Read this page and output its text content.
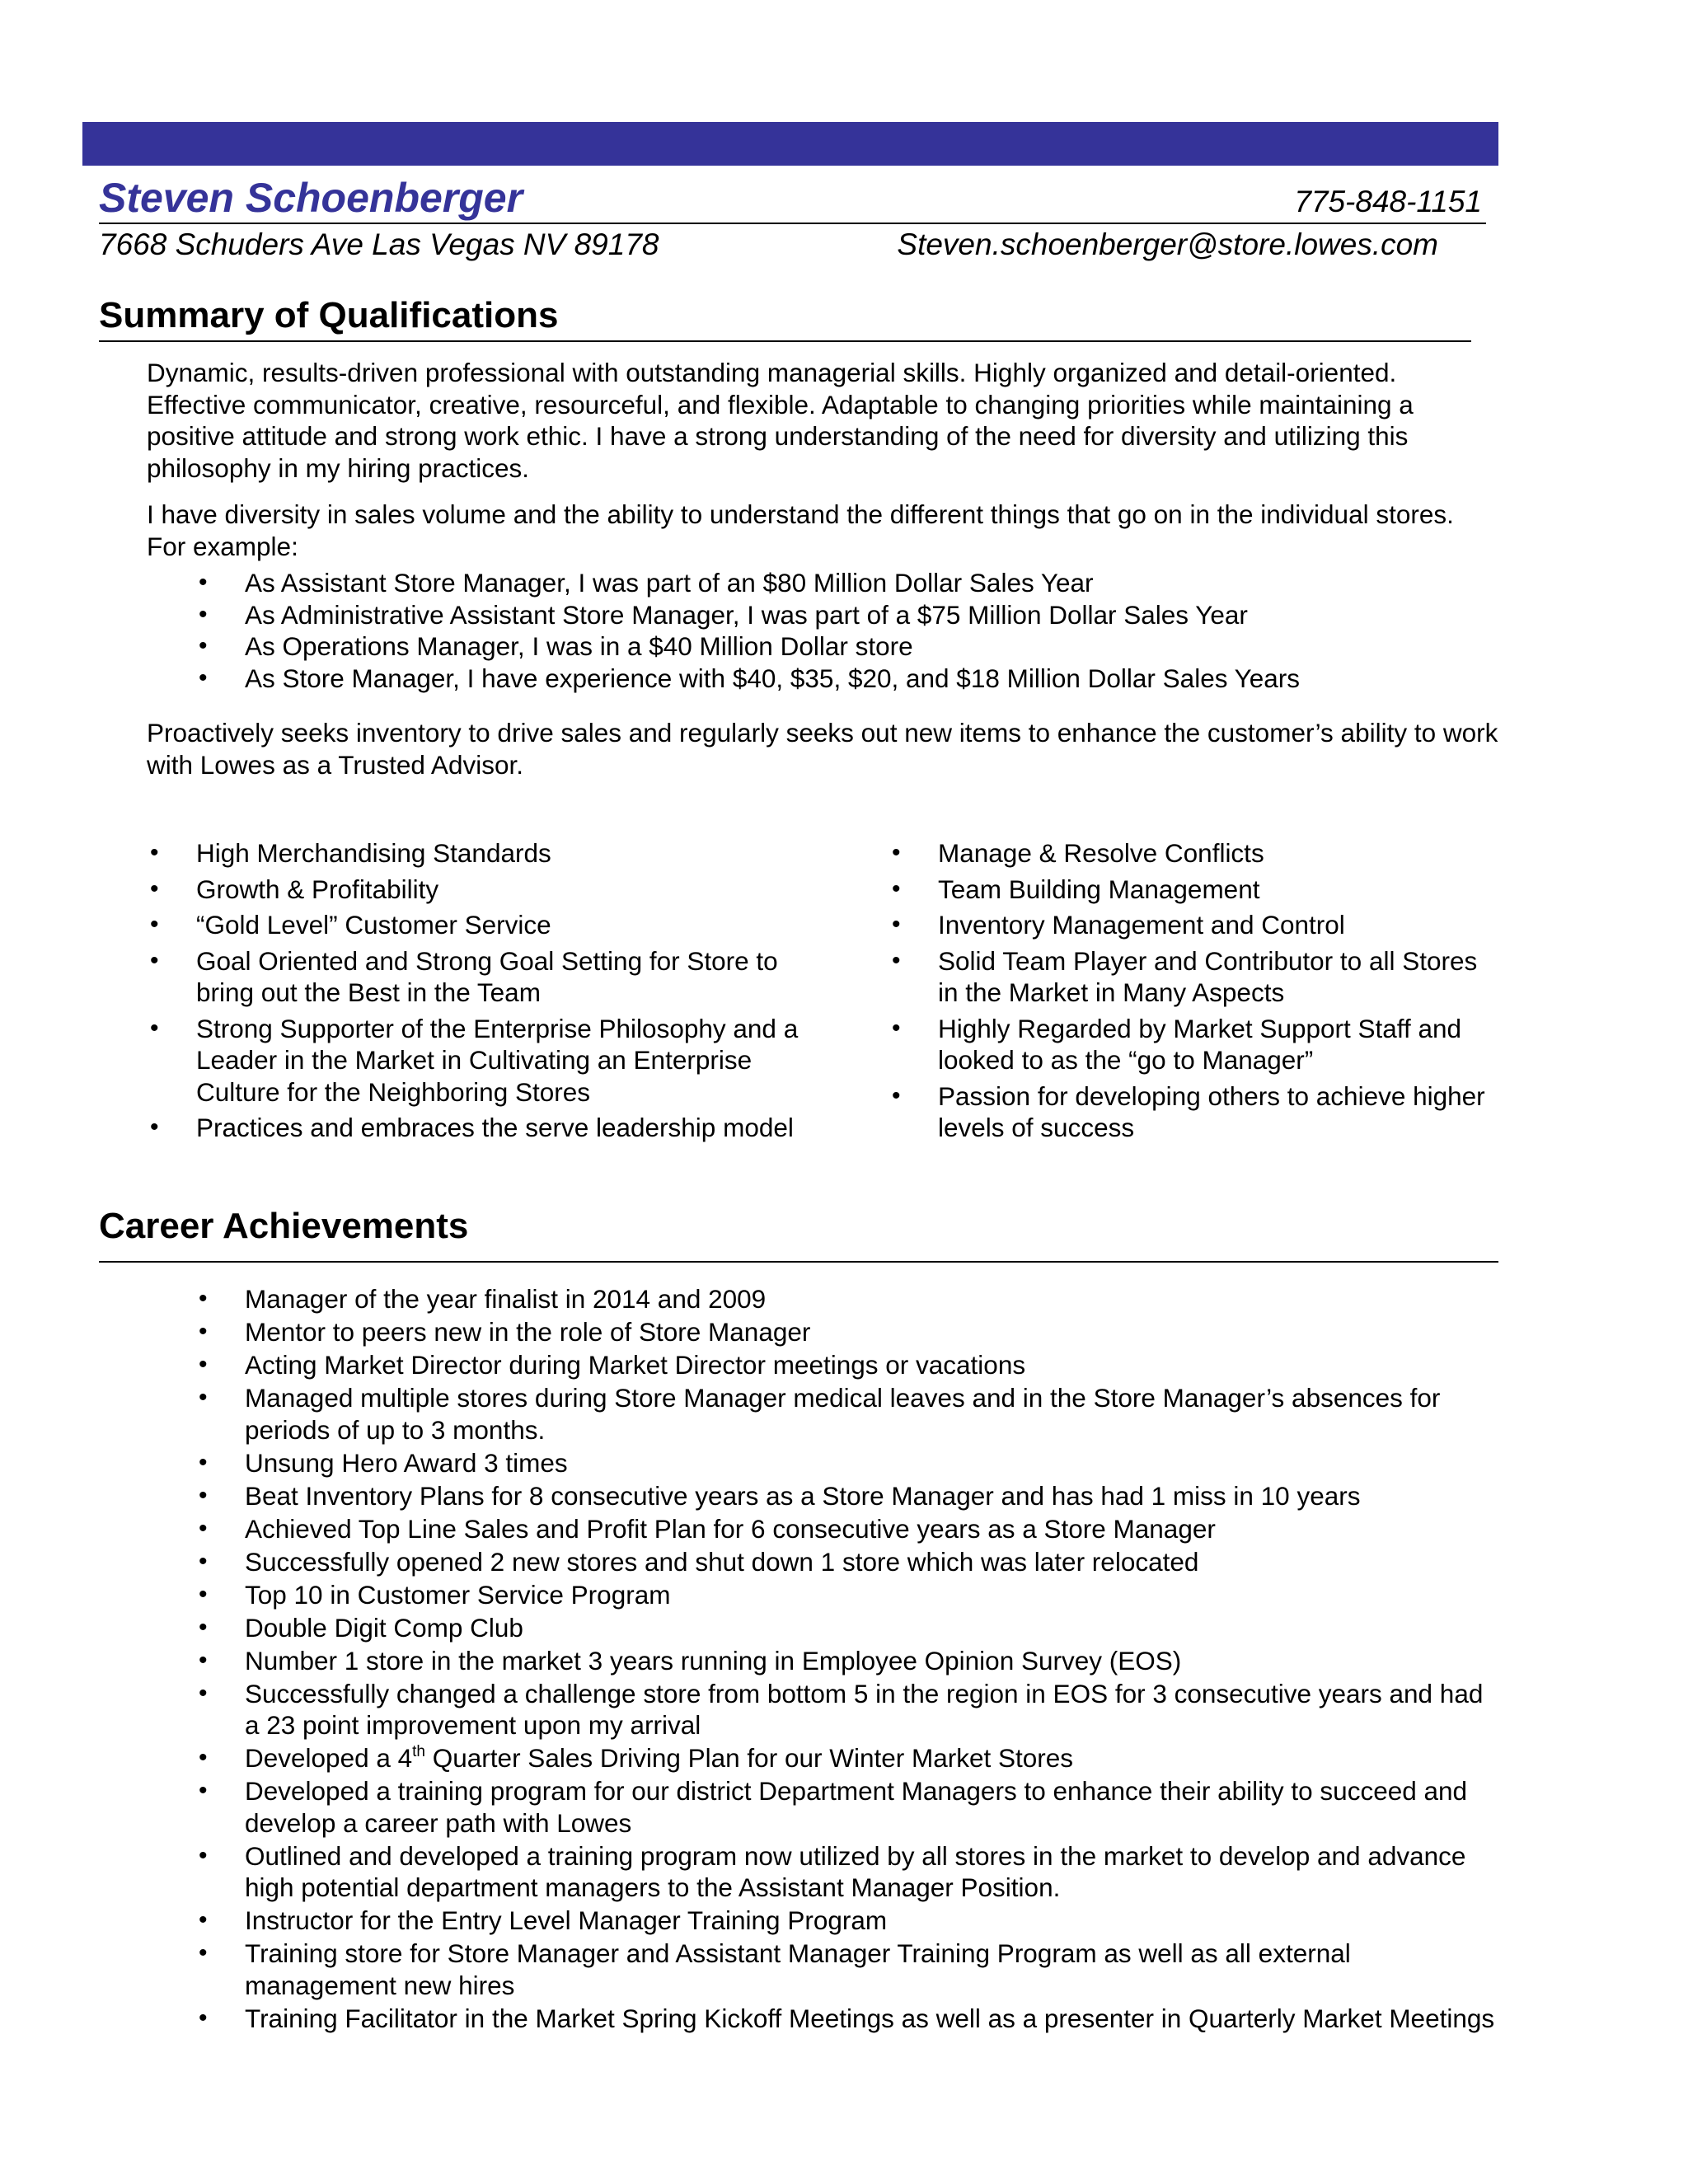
Steven Schoenberger	775-848-1151
7668 Schuders Ave Las Vegas NV 89178	Steven.schoenberger@store.lowes.com
Summary of Qualifications

Dynamic, results-driven professional with outstanding managerial skills. Highly organized and detail-oriented. Effective communicator, creative, resourceful, and flexible. Adaptable to changing priorities while maintaining a positive attitude and strong work ethic. I have a strong understanding of the need for diversity and utilizing this philosophy in my hiring practices.

I have diversity in sales volume and the ability to understand the different things that go on in the individual stores. For example:

• As Assistant Store Manager, I was part of an $80 Million Dollar Sales Year
• As Administrative Assistant Store Manager, I was part of a $75 Million Dollar Sales Year
• As Operations Manager, I was in a $40 Million Dollar store
• As Store Manager, I have experience with $40, $35, $20, and $18 Million Dollar Sales Years

Proactively seeks inventory to drive sales and regularly seeks out new items to enhance the customer’s ability to work with Lowes as a Trusted Advisor.

• High Merchandising Standards
• Growth & Profitability
• “Gold Level” Customer Service
• Goal Oriented and Strong Goal Setting for Store to bring out the Best in the Team
• Strong Supporter of the Enterprise Philosophy and a Leader in the Market in Cultivating an Enterprise Culture for the Neighboring Stores
• Practices and embraces the serve leadership model
• Manage & Resolve Conflicts
• Team Building Management
• Inventory Management and Control
• Solid Team Player and Contributor to all Stores in the Market in Many Aspects
• Highly Regarded by Market Support Staff and looked to as the “go to Manager”
• Passion for developing others to achieve higher levels of success
Career Achievements
• Manager of the year finalist in 2014 and 2009
• Mentor to peers new in the role of Store Manager
• Acting Market Director during Market Director meetings or vacations
• Managed multiple stores during Store Manager medical leaves and in the Store Manager’s absences for periods of up to 3 months.
• Unsung Hero Award 3 times
• Beat Inventory Plans for 8 consecutive years as a Store Manager and has had 1 miss in 10 years
• Achieved Top Line Sales and Profit Plan for 6 consecutive years as a Store Manager
• Successfully opened 2 new stores and shut down 1 store which was later relocated
• Top 10 in Customer Service Program
• Double Digit Comp Club
• Number 1 store in the market 3 years running in Employee Opinion Survey (EOS)
• Successfully changed a challenge store from bottom 5 in the region in EOS for 3 consecutive years and had a 23 point improvement upon my arrival
• Developed a 4th Quarter Sales Driving Plan for our Winter Market Stores
• Developed a training program for our district Department Managers to enhance their ability to succeed and develop a career path with Lowes
• Outlined and developed a training program now utilized by all stores in the market to develop and advance high potential department managers to the Assistant Manager Position.
• Instructor for the Entry Level Manager Training Program
• Training store for Store Manager and Assistant Manager Training Program as well as all external management new hires
• Training Facilitator in the Market Spring Kickoff Meetings as well as a presenter in Quarterly Market Meetings
